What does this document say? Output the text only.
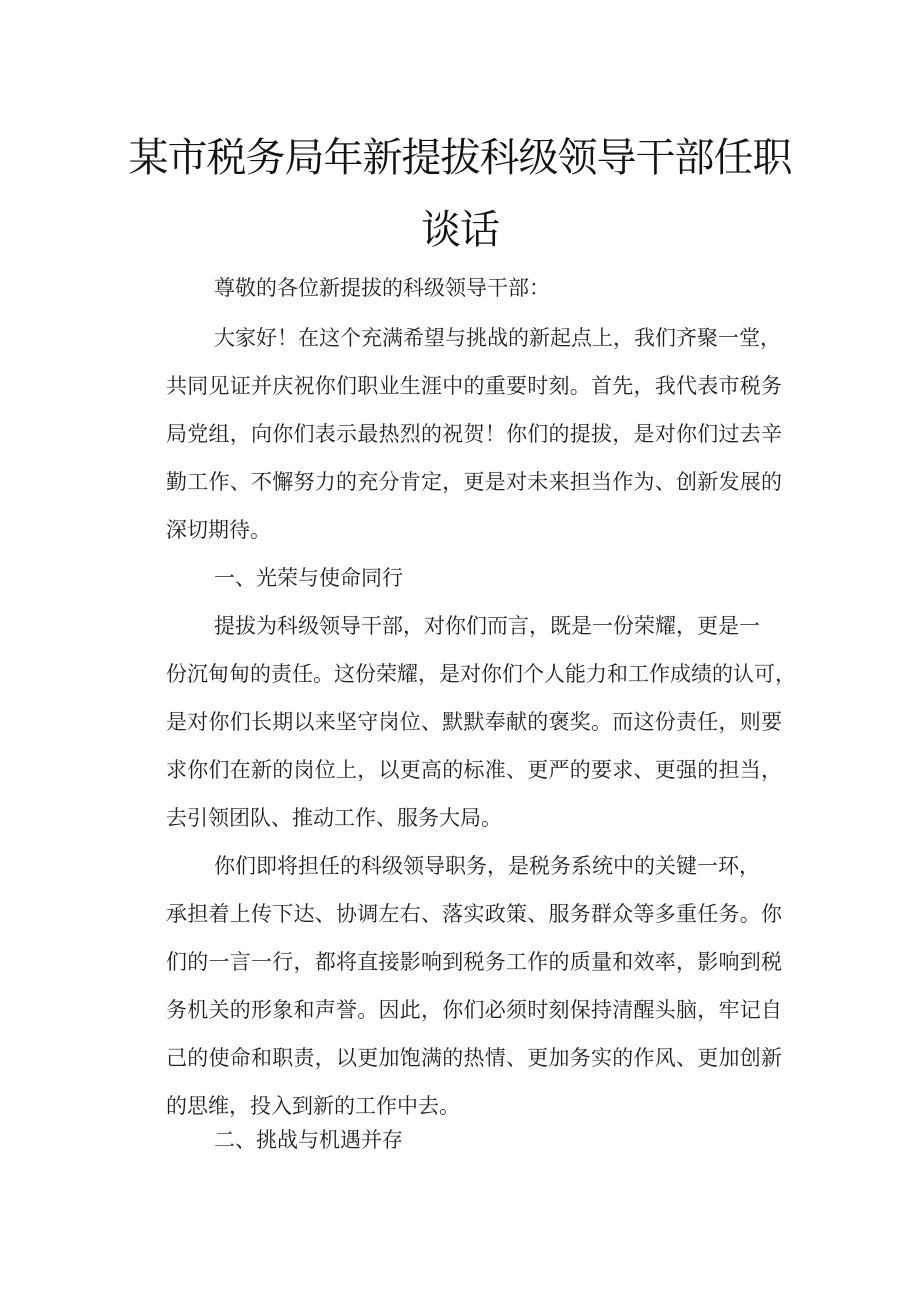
某市税务局年新提拔科级领导干部任职
谈话
尊敬的各位新提拔的科级领导干部：
大家好！在这个充满希望与挑战的新起点上，我们齐聚一堂，
共同见证并庆祝你们职业生涯中的重要时刻。首先，我代表市税务
局党组，向你们表示最热烈的祝贺！你们的提拔，是对你们过去辛
勤工作、不懈努力的充分肯定，更是对未来担当作为、创新发展的
深切期待。
一、光荣与使命同行
提拔为科级领导干部，对你们而言，既是一份荣耀，更是一
份沉甸甸的责任。这份荣耀，是对你们个人能力和工作成绩的认可，
是对你们长期以来坚守岗位、默默奉献的褒奖。而这份责任，则要
求你们在新的岗位上，以更高的标准、更严的要求、更强的担当，
去引领团队、推动工作、服务大局。
你们即将担任的科级领导职务，是税务系统中的关键一环，
承担着上传下达、协调左右、落实政策、服务群众等多重任务。你
们的一言一行，都将直接影响到税务工作的质量和效率，影响到税
务机关的形象和声誉。因此，你们必须时刻保持清醒头脑，牢记自
己的使命和职责，以更加饱满的热情、更加务实的作风、更加创新
的思维，投入到新的工作中去。
二、挑战与机遇并存
